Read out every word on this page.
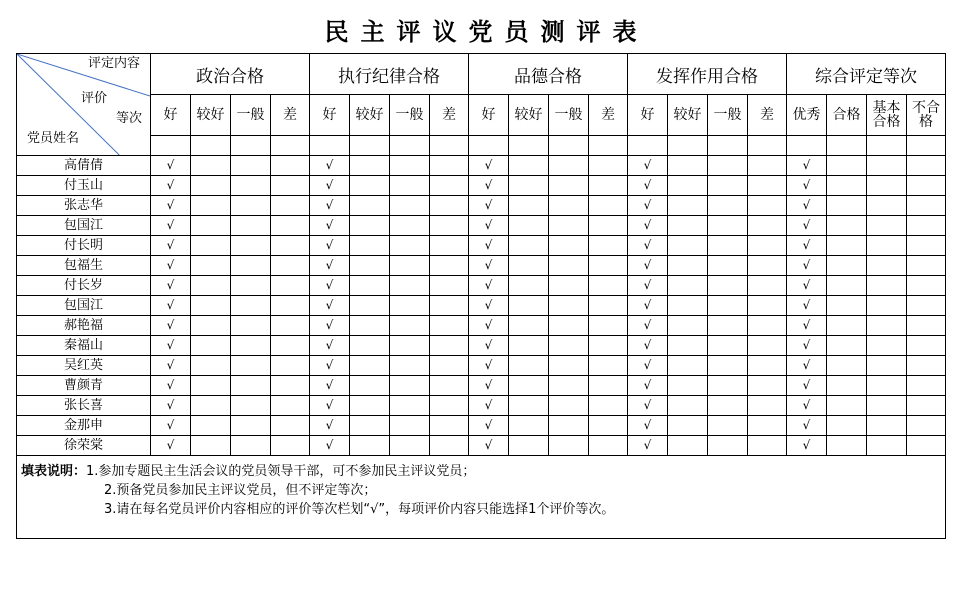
民主评议党员测评表
评定内容
评价
等次
党员姓名	政治合格				执行纪律合格				品德合格				发挥作用合格				综合评定等次			
	好	较好	一般	差	好	较好	一般	差	好	较好	一般	差	好	较好	一般	差	优秀	合格	基本合格	不合格

高倩倩	√				√				√				√				√			
付玉山	√				√				√				√				√			
张志华	√				√				√				√				√			
包国江	√				√				√				√				√			
付长明	√				√				√				√				√			
包福生	√				√				√				√				√			
付长岁	√				√				√				√				√			
包国江	√				√				√				√				√			
郝艳福	√				√				√				√				√			
秦福山	√				√				√				√				√			
吴红英	√				√				√				√				√			
曹颜青	√				√				√				√				√			
张长喜	√				√				√				√				√			
金那申	√				√				√				√				√			
徐荣棠	√				√				√				√				√			

填表说明：1.参加专题民主生活会议的党员领导干部，可不参加民主评议党员；
2.预备党员参加民主评议党员，但不评定等次；
3.请在每名党员评价内容相应的评价等次栏划“√”，每项评价内容只能选择1个评价等次。																				
